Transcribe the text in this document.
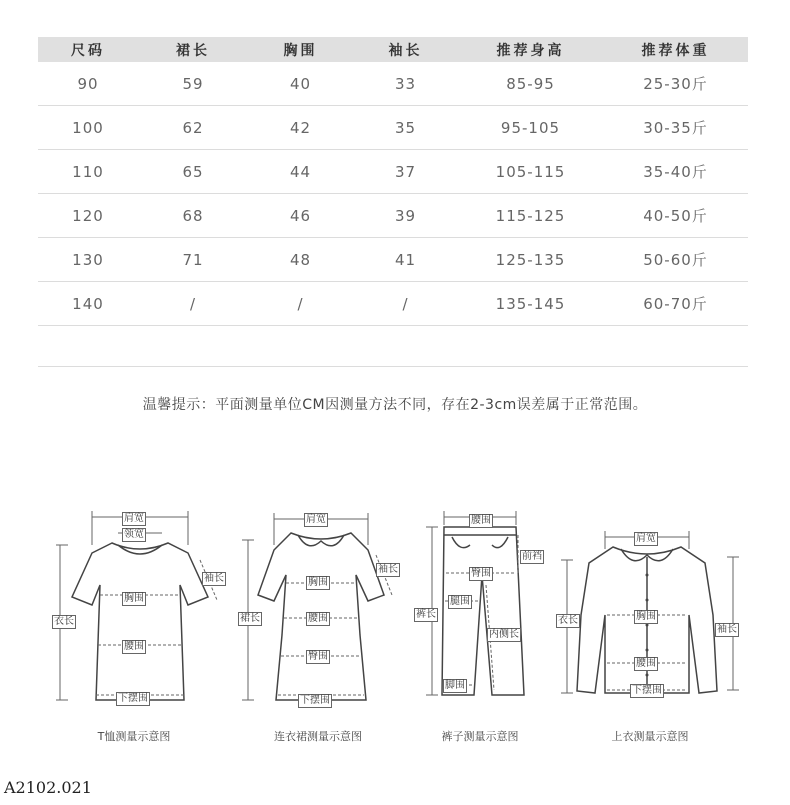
尺码	裙长	胸围	袖长	推荐身高	推荐体重
90	59	40	33	85-95	25-30斤
100	62	42	35	95-105	30-35斤
110	65	44	37	105-115	35-40斤
120	68	46	39	115-125	40-50斤
130	71	48	41	125-135	50-60斤
140	/	/	/	135-145	60-70斤
温馨提示：平面测量单位CM因测量方法不同，存在2-3cm误差属于正常范围。
肩宽
领宽
袖长
胸围
衣长
腰围
下摆围
T恤测量示意图
肩宽
袖长
胸围
裙长	腰围
臀围
下摆围
连衣裙测量示意图
腰围
前裆
臀围
裤长
腿围
内侧长
脚围
裤子测量示意图
肩宽
衣长	胸围
袖长
腰围
下摆围
上衣测量示意图
A2102.021
